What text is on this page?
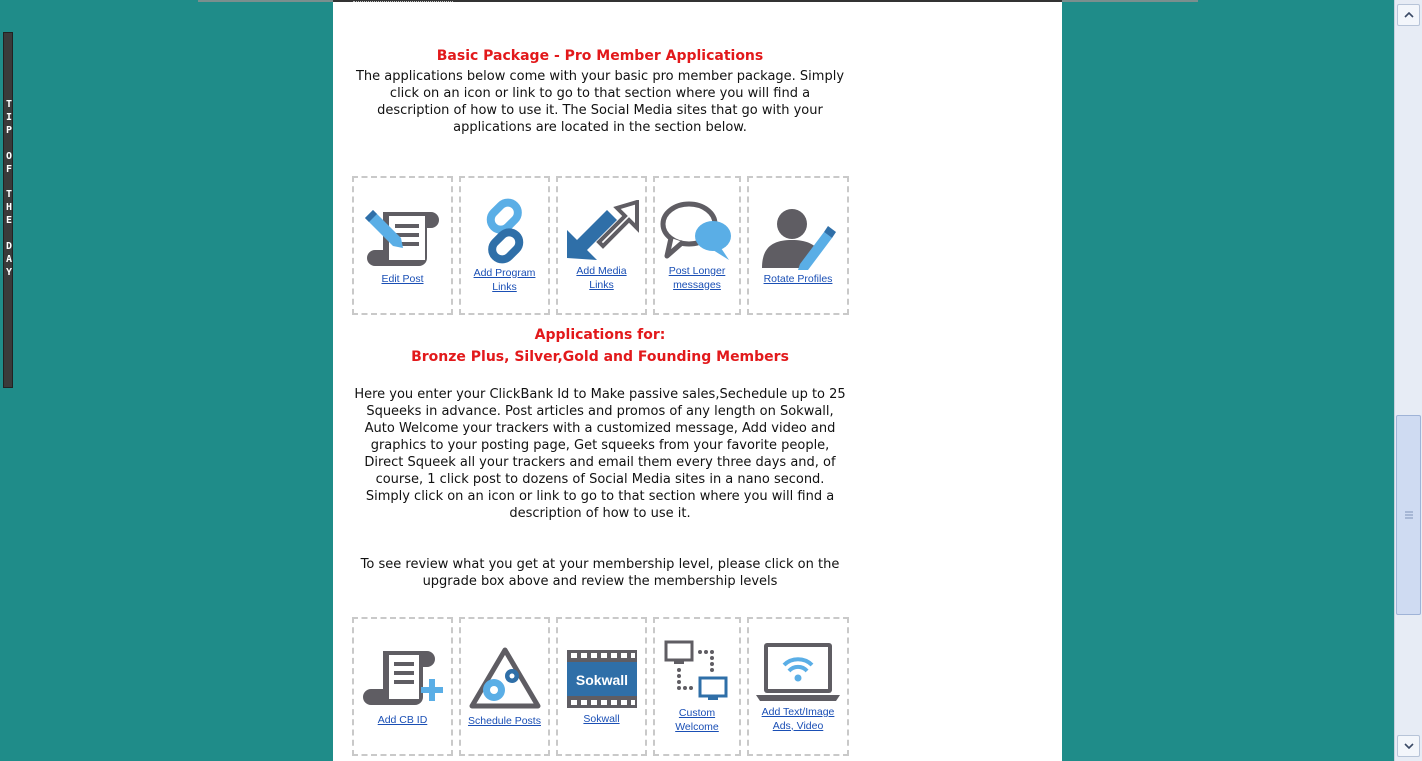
T
I
P

O
F

T
H
E

D
A
Y
Basic Package - Pro Member Applications
The applications below come with your basic pro member package. Simply click on an icon or link to go to that section where you will find a description of how to use it. The Social Media sites that go with your applications are located in the section below.
Edit Post	Add Program Links
Add Media Links
Post Longer messages	Rotate Profiles
Applications for:
Bronze Plus, Silver,Gold and Founding Members
Here you enter your ClickBank Id to Make passive sales,Sechedule up to 25 Squeeks in advance. Post articles and promos of any length on Sokwall, Auto Welcome your trackers with a customized message, Add video and graphics to your posting page, Get squeeks from your favorite people, Direct Squeek all your trackers and email them every three days and, of course, 1 click post to dozens of Social Media sites in a nano second. Simply click on an icon or link to go to that section where you will find a description of how to use it.
To see review what you get at your membership level, please click on the upgrade box above and review the membership levels
Add CB ID	Schedule Posts
Sokwall
Sokwall	Custom Welcome
Add Text/Image Ads, Video
